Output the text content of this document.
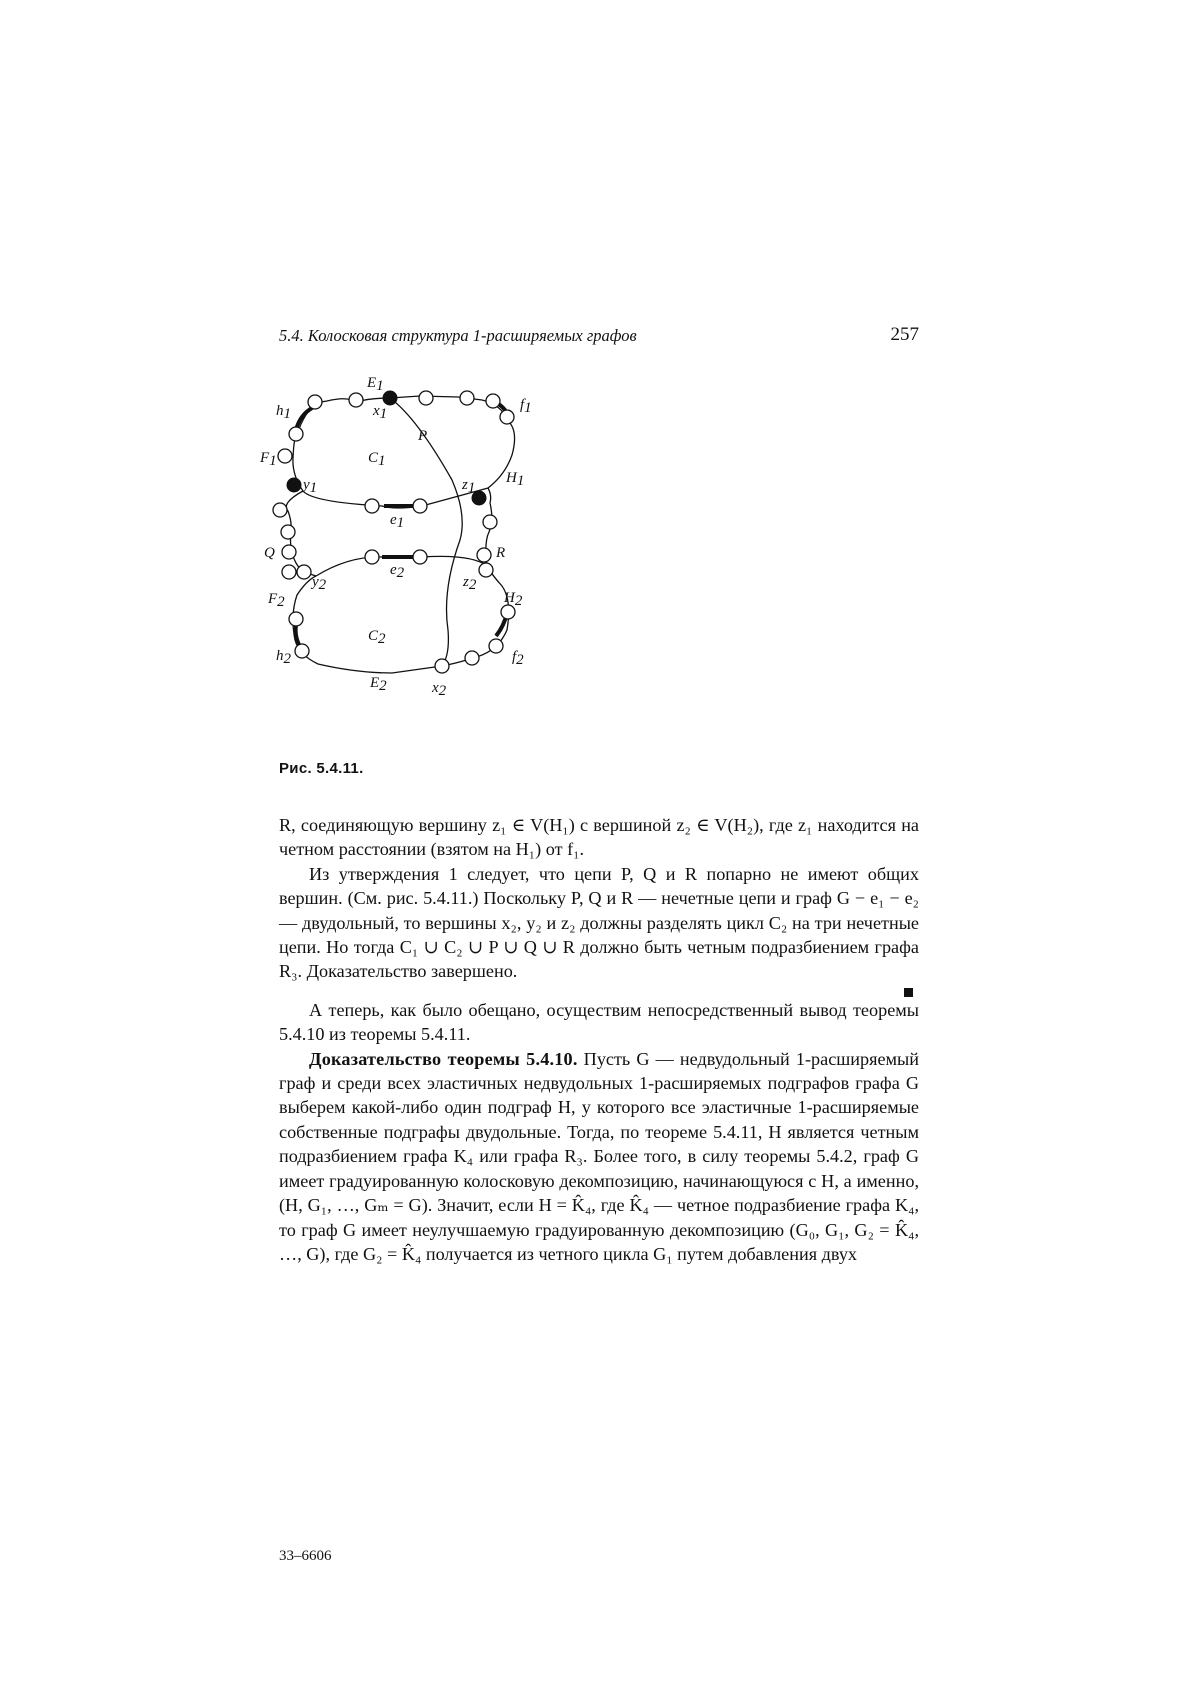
5.4. Колосковая структура 1-расширяемых графов	257
E1
x1
h1
f1
P
F1	C1
H1
y1	z1
e1
Q	R
e2
y2	z2
F2	H2
C2
h2	f2
E2	x2
Рис. 5.4.11.

R, соединяющую вершину z₁ ∈ V(H₁) с вершиной z₂ ∈ V(H₂), где z₁ находится на четном расстоянии (взятом на H₁) от f₁.

Из утверждения 1 следует, что цепи P, Q и R попарно не имеют общих вершин. (См. рис. 5.4.11.) Поскольку P, Q и R — нечетные цепи и граф G − e₁ − e₂ — двудольный, то вершины x₂, y₂ и z₂ должны разделять цикл C₂ на три нечетные цепи. Но тогда C₁ ∪ C₂ ∪ P ∪ Q ∪ R должно быть четным подразбиением графа R₃. Доказательство завершено.

А теперь, как было обещано, осуществим непосредственный вывод теоремы 5.4.10 из теоремы 5.4.11.

Доказательство теоремы 5.4.10. Пусть G — недвудольный 1-расширяемый граф и среди всех эластичных недвудольных 1-расширяемых подграфов графа G выберем какой-либо один подграф H, у которого все эластичные 1-расширяемые собственные подграфы двудольные. Тогда, по теореме 5.4.11, H является четным подразбиением графа K₄ или графа R₃. Более того, в силу теоремы 5.4.2, граф G имеет градуированную колосковую декомпозицию, начинающуюся с H, а именно, (H, G₁, …, Gₘ = G). Значит, если H = K̂₄, где K̂₄ — четное подразбиение графа K₄, то граф G имеет неулучшаемую градуированную декомпозицию (G₀, G₁, G₂ = K̂₄, …, G), где G₂ = K̂₄ получается из четного цикла G₁ путем добавления двух

33–6606
